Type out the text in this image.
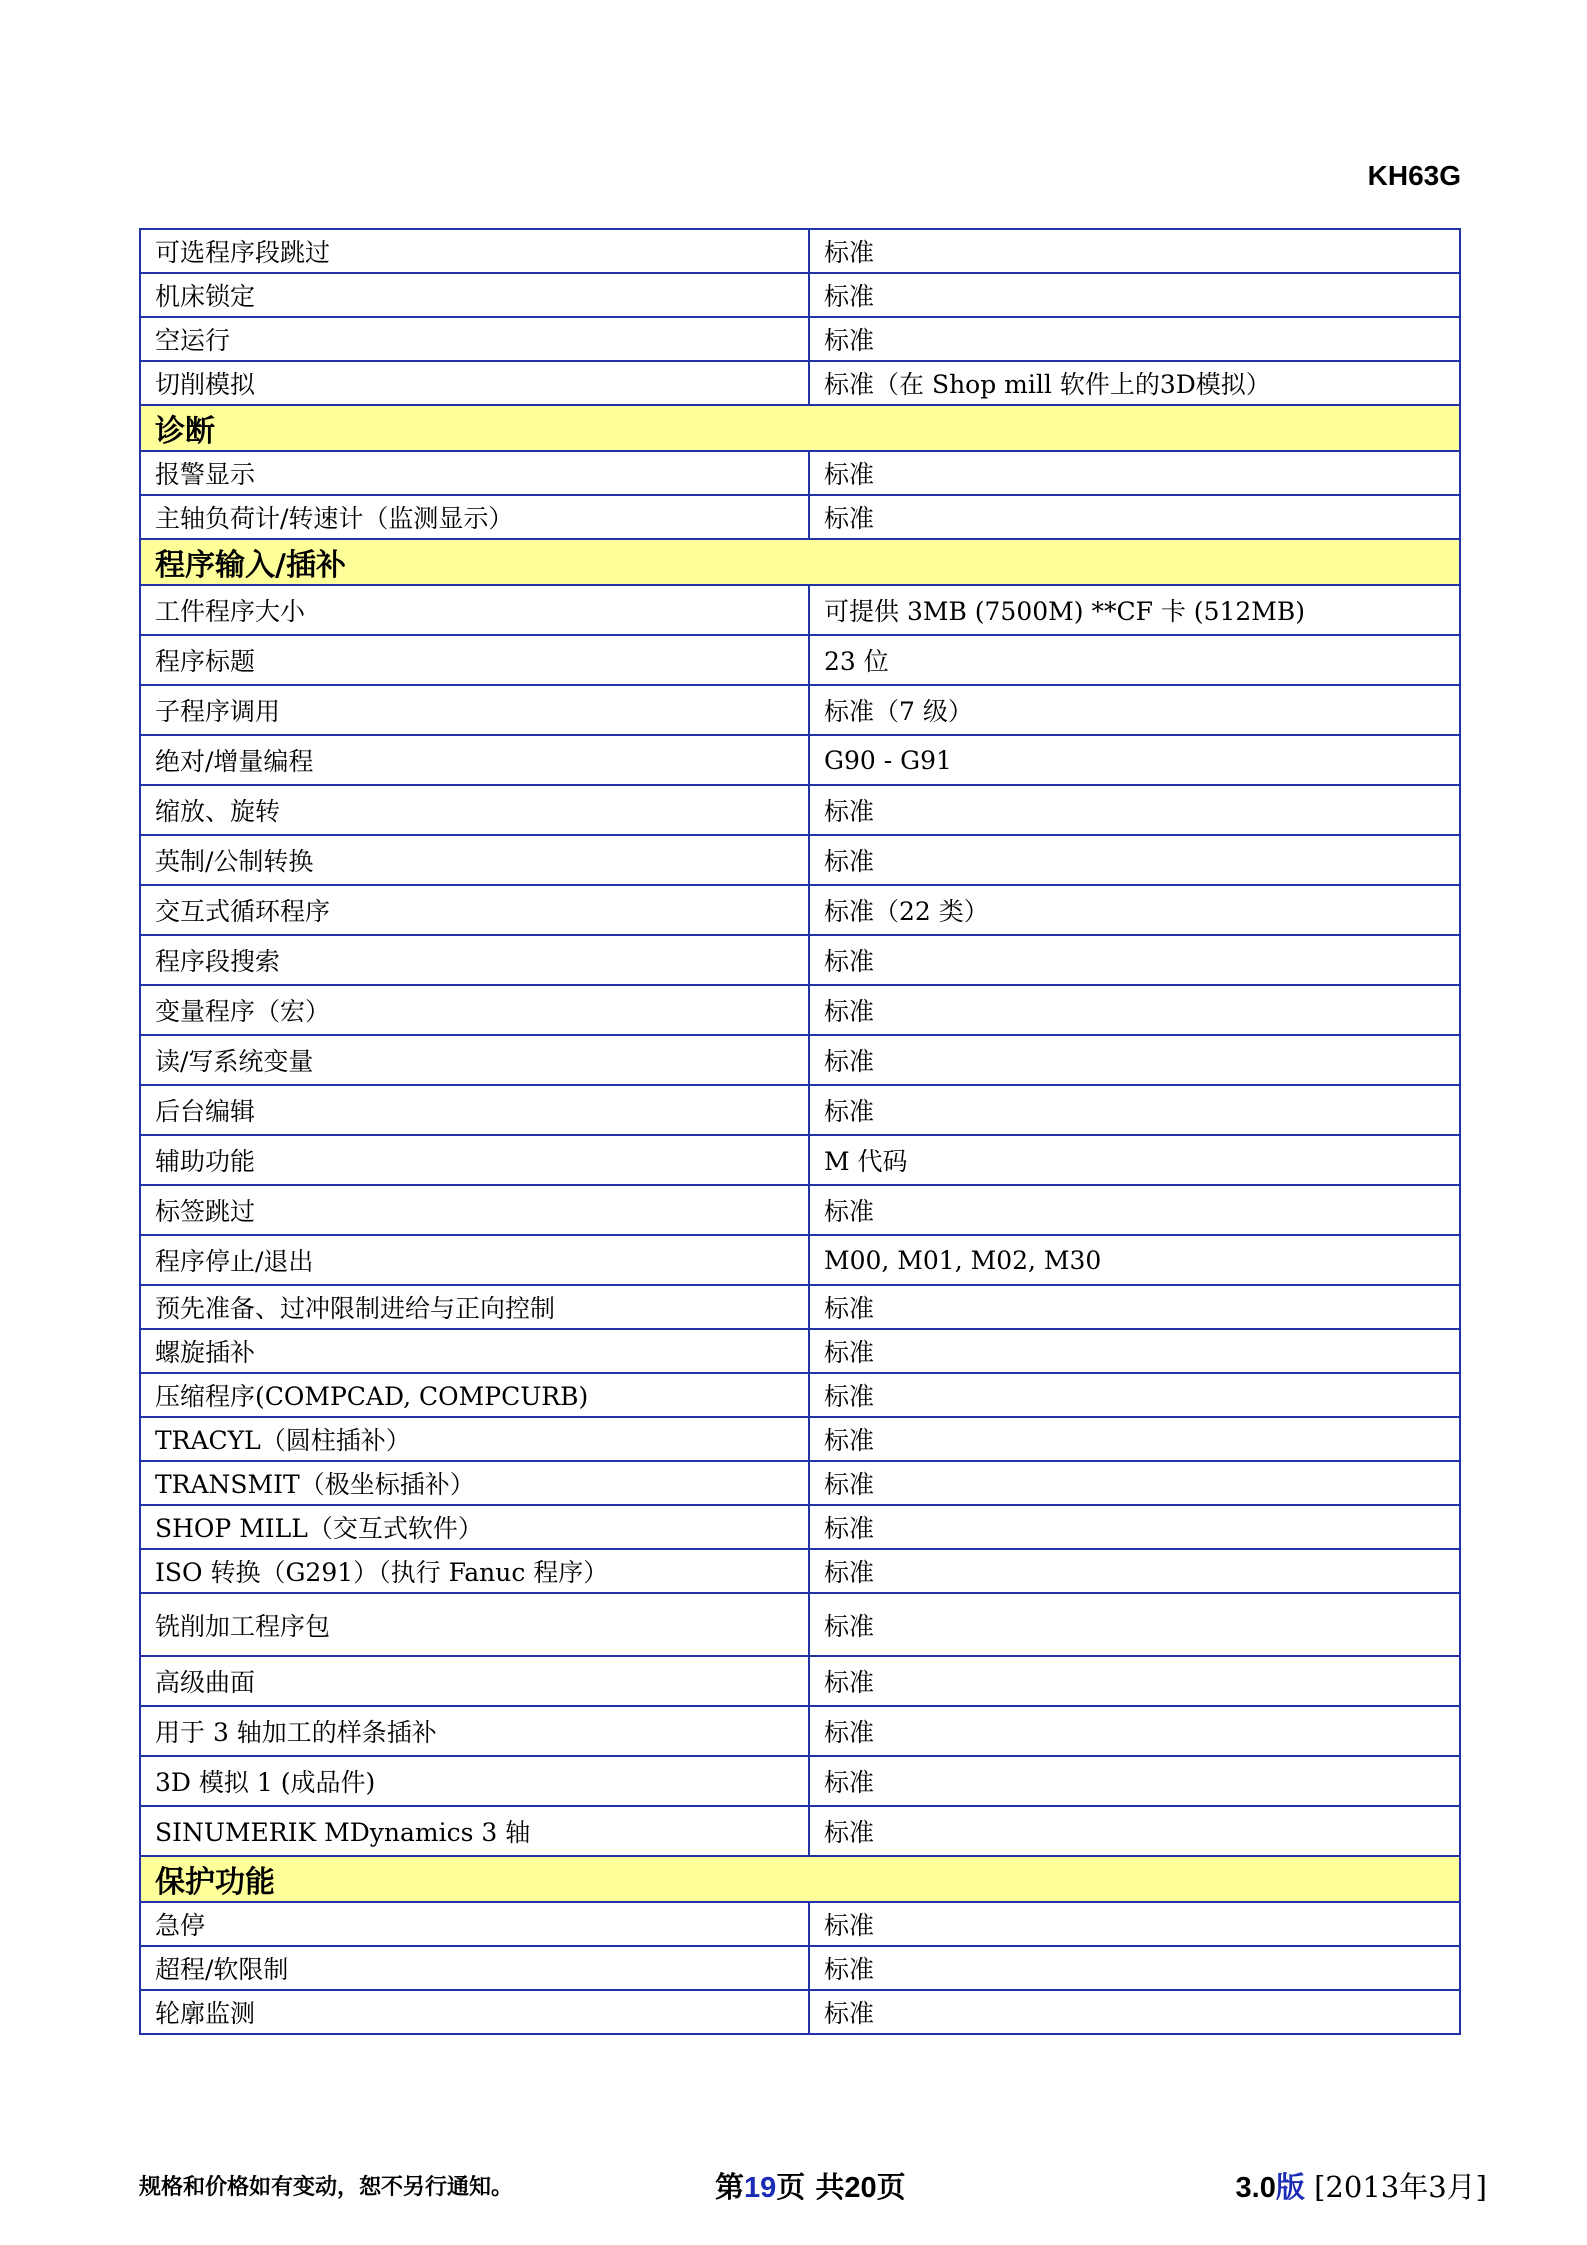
KH63G
可选程序段跳过	标准
机床锁定	标准
空运行	标准
切削模拟	标准（在 Shop mill 软件上的3D模拟）
诊断	
报警显示	标准
主轴负荷计/转速计（监测显示）	标准
程序输入/插补	
工件程序大小	可提供 3MB (7500M) **CF 卡 (512MB)
程序标题	23 位
子程序调用	标准（7 级）
绝对/增量编程	G90 - G91
缩放、旋转	标准
英制/公制转换	标准
交互式循环程序	标准（22 类）
程序段搜索	标准
变量程序（宏）	标准
读/写系统变量	标准
后台编辑	标准
辅助功能	M 代码
标签跳过	标准
程序停止/退出	M00, M01, M02, M30
预先准备、过冲限制进给与正向控制	标准
螺旋插补	标准
压缩程序(COMPCAD, COMPCURB)	标准
TRACYL（圆柱插补）	标准
TRANSMIT（极坐标插补）	标准
SHOP MILL（交互式软件）	标准
ISO 转换（G291）（执行 Fanuc 程序）	标准
铣削加工程序包	标准
高级曲面	标准
用于 3 轴加工的样条插补	标准
3D 模拟 1 (成品件)	标准
SINUMERIK MDynamics 3 轴	标准
保护功能	
急停	标准
超程/软限制	标准
轮廓监测	标准
规格和价格如有变动，恕不另行通知。	第19页 共20页	3.0版 [2013年3月]
